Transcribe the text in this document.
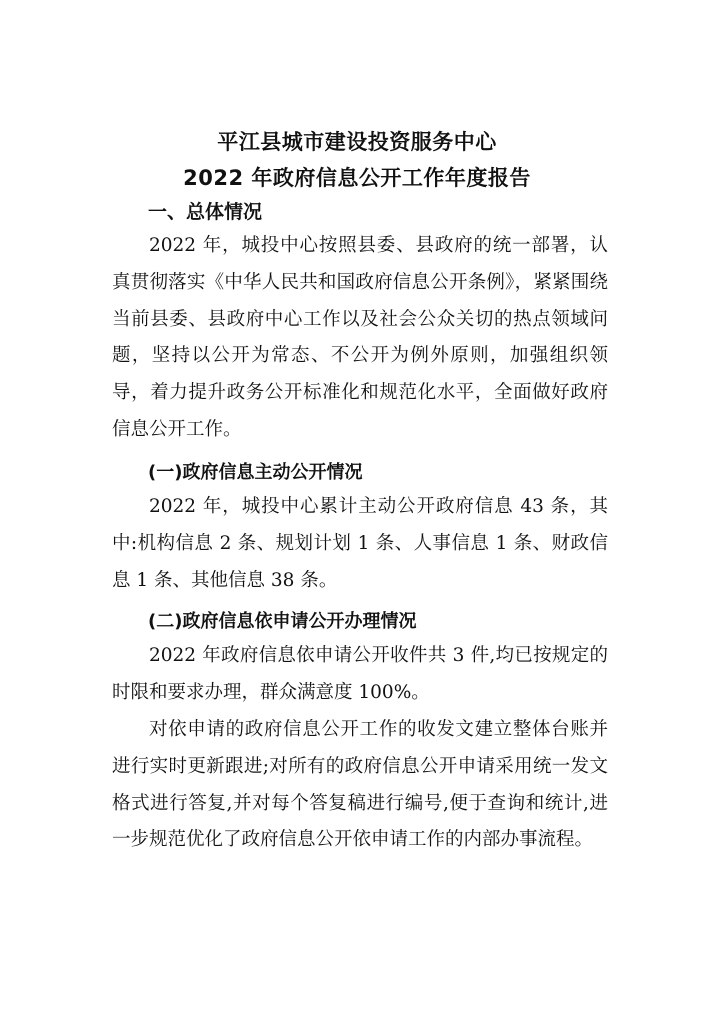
平江县城市建设投资服务中心
2022 年政府信息公开工作年度报告
一、总体情况

2022 年，城投中心按照县委、县政府的统一部署，认真贯彻落实《中华人民共和国政府信息公开条例》，紧紧围绕当前县委、县政府中心工作以及社会公众关切的热点领域问题，坚持以公开为常态、不公开为例外原则，加强组织领导，着力提升政务公开标准化和规范化水平，全面做好政府信息公开工作。

(一)政府信息主动公开情况

2022 年，城投中心累计主动公开政府信息 43 条，其中:机构信息 2 条、规划计划 1 条、人事信息 1 条、财政信息 1 条、其他信息 38 条。

(二)政府信息依申请公开办理情况

2022 年政府信息依申请公开收件共 3 件,均已按规定的时限和要求办理，群众满意度 100%。

对依申请的政府信息公开工作的收发文建立整体台账并进行实时更新跟进;对所有的政府信息公开申请采用统一发文格式进行答复,并对每个答复稿进行编号,便于查询和统计,进一步规范优化了政府信息公开依申请工作的内部办事流程。
